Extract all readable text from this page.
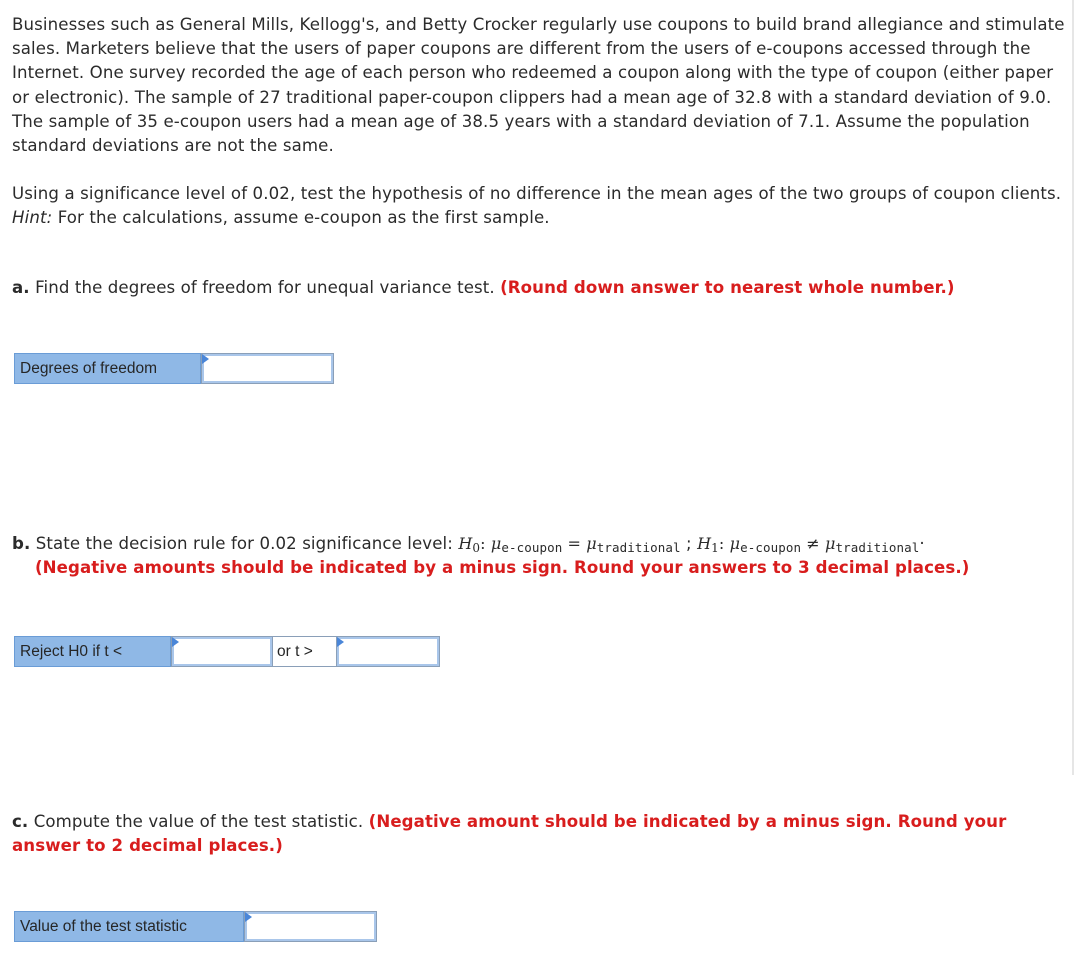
Businesses such as General Mills, Kellogg's, and Betty Crocker regularly use coupons to build brand allegiance and stimulate sales. Marketers believe that the users of paper coupons are different from the users of e-coupons accessed through the Internet. One survey recorded the age of each person who redeemed a coupon along with the type of coupon (either paper or electronic). The sample of 27 traditional paper-coupon clippers had a mean age of 32.8 with a standard deviation of 9.0. The sample of 35 e-coupon users had a mean age of 38.5 years with a standard deviation of 7.1. Assume the population standard deviations are not the same.

Using a significance level of 0.02, test the hypothesis of no difference in the mean ages of the two groups of coupon clients. Hint: For the calculations, assume e-coupon as the first sample.

a. Find the degrees of freedom for unequal variance test. (Round down answer to nearest whole number.)

Degrees of freedom

b. State the decision rule for 0.02 significance level: $H_0$: $\mu_{e-coupon} = \mu_{traditional}$ ; $H_1$: $\mu_{e-coupon} \ne \mu_{traditional}\cdot$
(Negative amounts should be indicated by a minus sign. Round your answers to 3 decimal places.)

Reject H0 if t <	or t >

c. Compute the value of the test statistic. (Negative amount should be indicated by a minus sign. Round your answer to 2 decimal places.)

Value of the test statistic
